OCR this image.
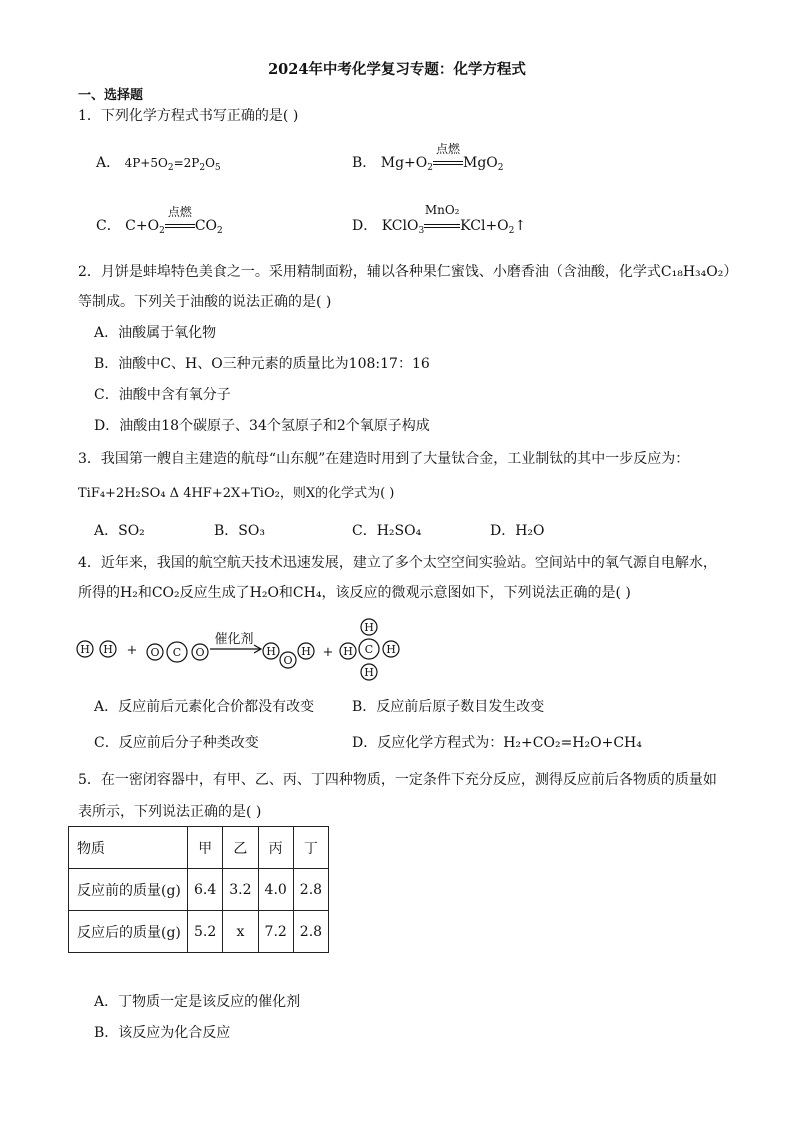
2024年中考化学复习专题：化学方程式
一、选择题
1．下列化学方程式书写正确的是( )
A． $4P+5O_2=2P_2O_5$	B． $Mg+O_2$
点燃
MgO$_2$
C． $C+O_2$
点燃
$CO_2$	D． KClO$_3$
MnO₂
$KCl+O_2↑$
2．月饼是蚌埠特色美食之一。采用精制面粉，辅以各种果仁蜜饯、小磨香油（含油酸，化学式C₁₈H₃₄O₂）
等制成。下列关于油酸的说法正确的是( )
A．油酸属于氧化物
B．油酸中C、H、O三种元素的质量比为108:17：16
C．油酸中含有氧分子
D．油酸由18个碳原子、34个氢原子和2个氧原子构成
3．我国第一艘自主建造的航母“山东舰”在建造时用到了大量钛合金，工业制钛的其中一步反应为：
TiF₄+2H₂SO₄ Δ 4HF+2X+TiO₂，则X的化学式为( )
A．SO₂	B．SO₃	C．H₂SO₄	D．H₂O
4．近年来，我国的航空航天技术迅速发展，建立了多个太空空间实验站。空间站中的氧气源自电解水，
所得的H₂和CO₂反应生成了H₂O和CH₄，该反应的微观示意图如下，下列说法正确的是( )
H H + O C O
催化剂
H
O
H + H C H
H
H
A．反应前后元素化合价都没有改变	B．反应前后原子数目发生改变
C．反应前后分子种类改变	D．反应化学方程式为：H₂+CO₂=H₂O+CH₄
5．在一密闭容器中，有甲、乙、丙、丁四种物质，一定条件下充分反应，测得反应前后各物质的质量如
表所示，下列说法正确的是( )
物质	甲	乙	丙	丁
反应前的质量(g)	6.4	3.2	4.0	2.8
反应后的质量(g)	5.2	x	7.2	2.8
A．丁物质一定是该反应的催化剂
B．该反应为化合反应
